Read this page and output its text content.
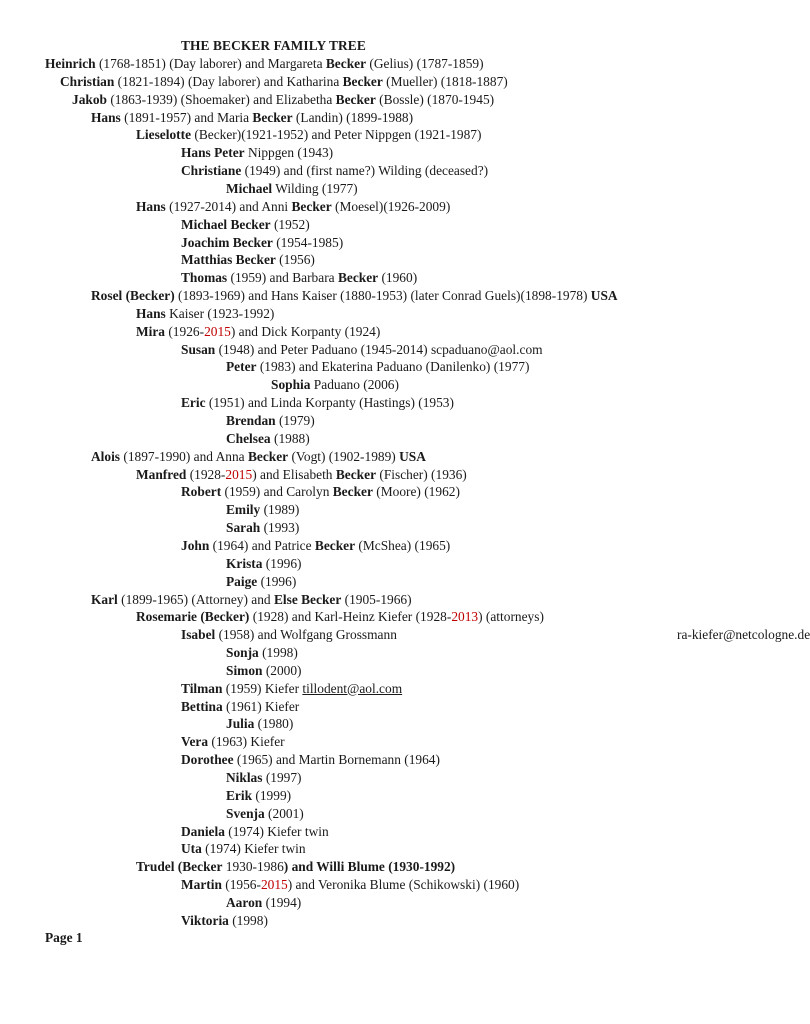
THE BECKER FAMILY TREE
Heinrich (1768-1851) (Day laborer) and Margareta Becker (Gelius) (1787-1859)
Christian (1821-1894) (Day laborer) and Katharina Becker (Mueller) (1818-1887)
Jakob (1863-1939) (Shoemaker) and Elizabetha Becker (Bossle) (1870-1945)
Hans (1891-1957) and Maria Becker (Landin) (1899-1988)
Lieselotte (Becker)(1921-1952) and Peter Nippgen (1921-1987)
Hans Peter Nippgen (1943)
Christiane (1949) and (first name?) Wilding (deceased?)
Michael Wilding (1977)
Hans (1927-2014) and Anni Becker (Moesel)(1926-2009)
Michael Becker (1952)
Joachim Becker (1954-1985)
Matthias Becker (1956)
Thomas (1959) and Barbara Becker (1960)
Rosel (Becker) (1893-1969) and Hans Kaiser (1880-1953) (later Conrad Guels)(1898-1978) USA
Hans Kaiser (1923-1992)
Mira (1926-2015) and Dick Korpanty (1924)
Susan (1948) and Peter Paduano (1945-2014) scpaduano@aol.com
Peter (1983) and Ekaterina Paduano (Danilenko) (1977)
Sophia Paduano (2006)
Eric (1951) and Linda Korpanty (Hastings) (1953)
Brendan (1979)
Chelsea (1988)
Alois (1897-1990) and Anna Becker (Vogt) (1902-1989) USA
Manfred (1928-2015) and Elisabeth Becker (Fischer) (1936)
Robert (1959) and Carolyn Becker (Moore) (1962)
Emily (1989)
Sarah (1993)
John (1964) and Patrice Becker (McShea) (1965)
Krista (1996)
Paige (1996)
Karl (1899-1965) (Attorney) and Else Becker (1905-1966)
Rosemarie (Becker) (1928) and Karl-Heinz Kiefer (1928-2013) (attorneys)
Isabel (1958) and Wolfgang Grossmann	ra-kiefer@netcologne.de
Sonja (1998)
Simon (2000)
Tilman (1959) Kiefer tillodent@aol.com
Bettina (1961) Kiefer
Julia (1980)
Vera (1963) Kiefer
Dorothee (1965) and Martin Bornemann (1964)
Niklas (1997)
Erik (1999)
Svenja (2001)
Daniela (1974) Kiefer twin
Uta (1974) Kiefer twin
Trudel (Becker 1930-1986) and Willi Blume (1930-1992)
Martin (1956-2015) and Veronika Blume (Schikowski) (1960)
Aaron (1994)
Viktoria (1998)
Page 1
